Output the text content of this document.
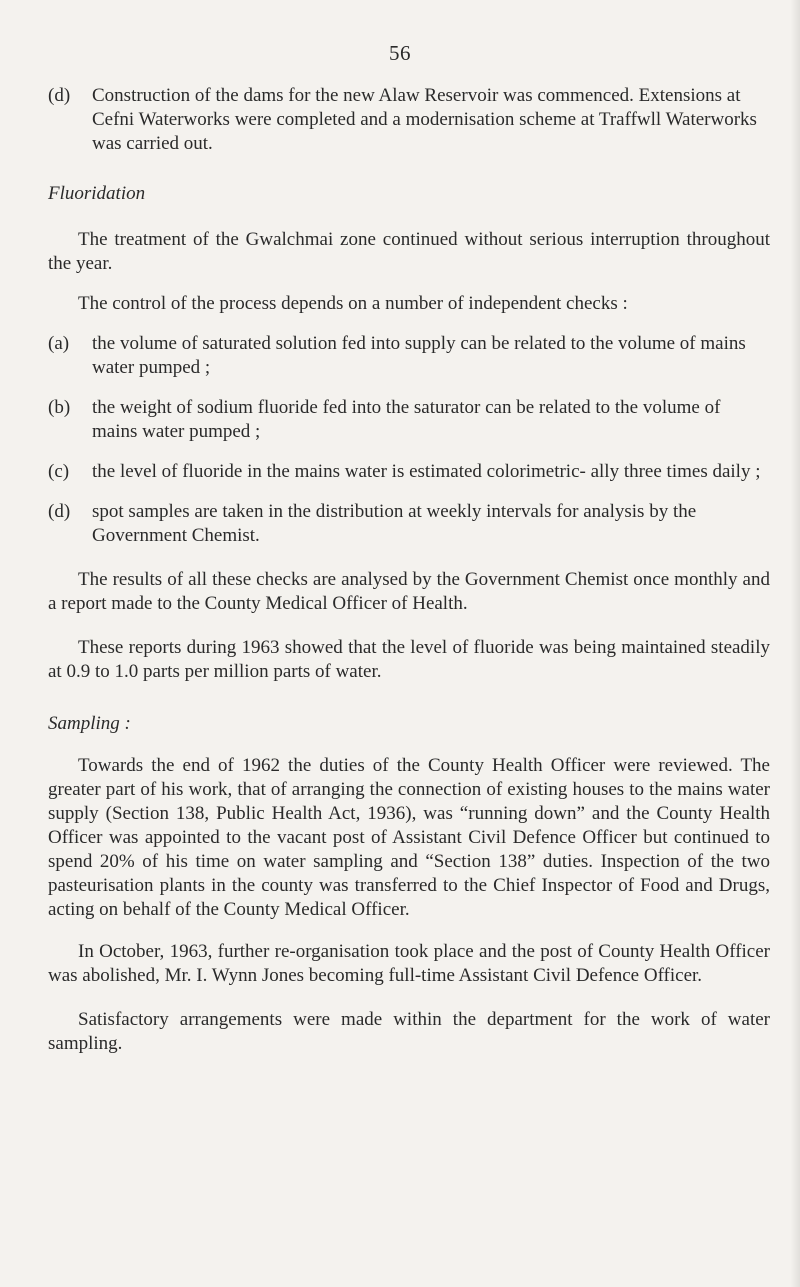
56
(d)	Construction of the dams for the new Alaw Reservoir was commenced. Extensions at Cefni Waterworks were completed and a modernisation scheme at Traffwll Waterworks was carried out.
Fluoridation

The treatment of the Gwalchmai zone continued without serious interruption throughout the year.

The control of the process depends on a number of independent checks :

(a)	the volume of saturated solution fed into supply can be related to the volume of mains water pumped ;
(b)	the weight of sodium fluoride fed into the saturator can be related to the volume of mains water pumped ;
(c)	the level of fluoride in the mains water is estimated colorimetric- ally three times daily ;
(d)	spot samples are taken in the distribution at weekly intervals for analysis by the Government Chemist.

The results of all these checks are analysed by the Government Chemist once monthly and a report made to the County Medical Officer of Health.

These reports during 1963 showed that the level of fluoride was being maintained steadily at 0.9 to 1.0 parts per million parts of water.

Sampling :

Towards the end of 1962 the duties of the County Health Officer were reviewed. The greater part of his work, that of arranging the connection of existing houses to the mains water supply (Section 138, Public Health Act, 1936), was “running down” and the County Health Officer was appointed to the vacant post of Assistant Civil Defence Officer but continued to spend 20% of his time on water sampling and “Section 138” duties. Inspection of the two pasteurisation plants in the county was transferred to the Chief Inspector of Food and Drugs, acting on behalf of the County Medical Officer.

In October, 1963, further re-organisation took place and the post of County Health Officer was abolished, Mr. I. Wynn Jones becoming full-time Assistant Civil Defence Officer.

Satisfactory arrangements were made within the department for the work of water sampling.
